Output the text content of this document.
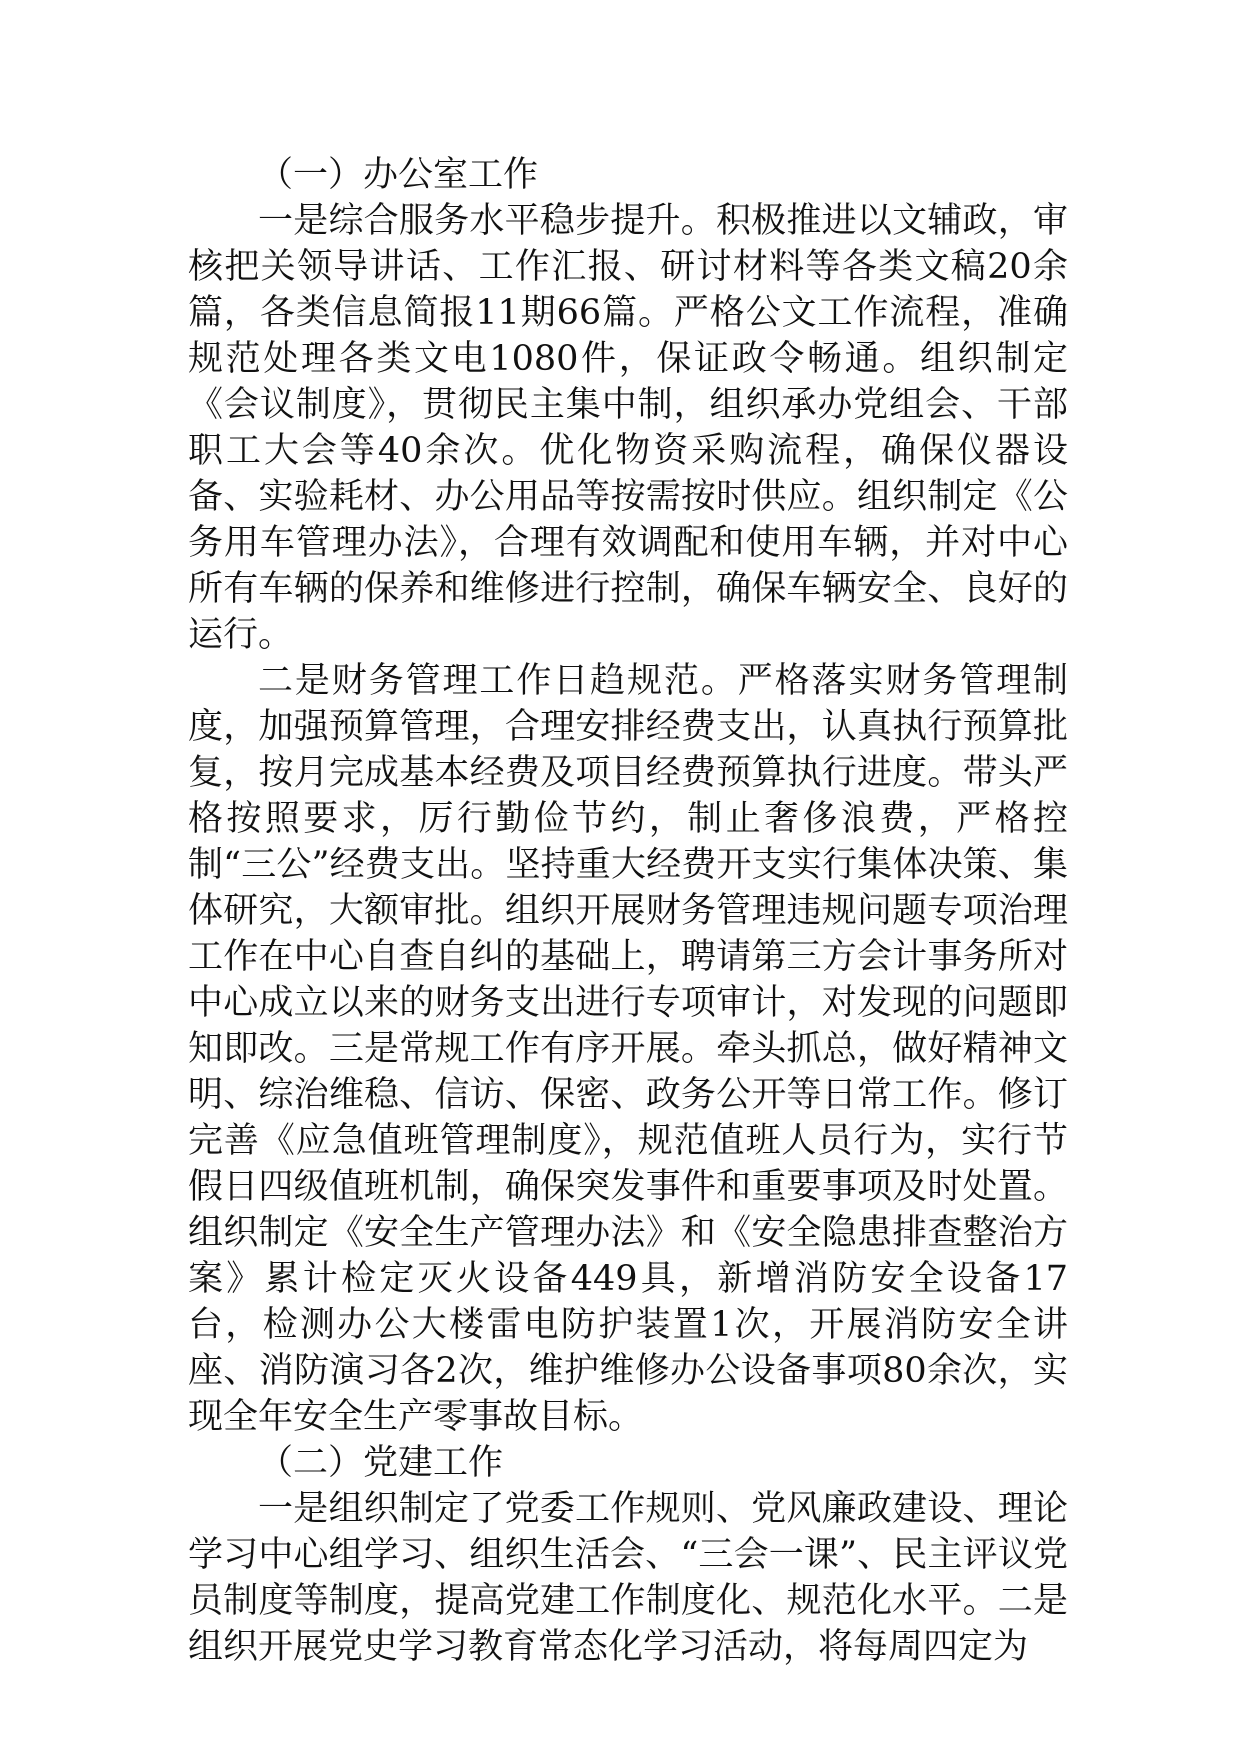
（一）办公室工作

一是综合服务水平稳步提升。积极推进以文辅政，审核把关领导讲话、工作汇报、研讨材料等各类文稿20余篇，各类信息简报11期66篇。严格公文工作流程，准确规范处理各类文电1080件，保证政令畅通。组织制定《会议制度》，贯彻民主集中制，组织承办党组会、干部职工大会等40余次。优化物资采购流程，确保仪器设备、实验耗材、办公用品等按需按时供应。组织制定《公务用车管理办法》，合理有效调配和使用车辆，并对中心所有车辆的保养和维修进行控制，确保车辆安全、良好的运行。

二是财务管理工作日趋规范。严格落实财务管理制度，加强预算管理，合理安排经费支出，认真执行预算批复，按月完成基本经费及项目经费预算执行进度。带头严格按照要求，厉行勤俭节约，制止奢侈浪费，严格控制“三公”经费支出。坚持重大经费开支实行集体决策、集体研究，大额审批。组织开展财务管理违规问题专项治理工作在中心自查自纠的基础上，聘请第三方会计事务所对中心成立以来的财务支出进行专项审计，对发现的问题即知即改。三是常规工作有序开展。牵头抓总，做好精神文明、综治维稳、信访、保密、政务公开等日常工作。修订完善《应急值班管理制度》，规范值班人员行为，实行节假日四级值班机制，确保突发事件和重要事项及时处置。组织制定《安全生产管理办法》和《安全隐患排查整治方案》累计检定灭火设备449具，新增消防安全设备17台，检测办公大楼雷电防护装置1次，开展消防安全讲座、消防演习各2次，维护维修办公设备事项80余次，实现全年安全生产零事故目标。

（二）党建工作

一是组织制定了党委工作规则、党风廉政建设、理论学习中心组学习、组织生活会、“三会一课”、民主评议党员制度等制度，提高党建工作制度化、规范化水平。二是组织开展党史学习教育常态化学习活动，将每周四定为
